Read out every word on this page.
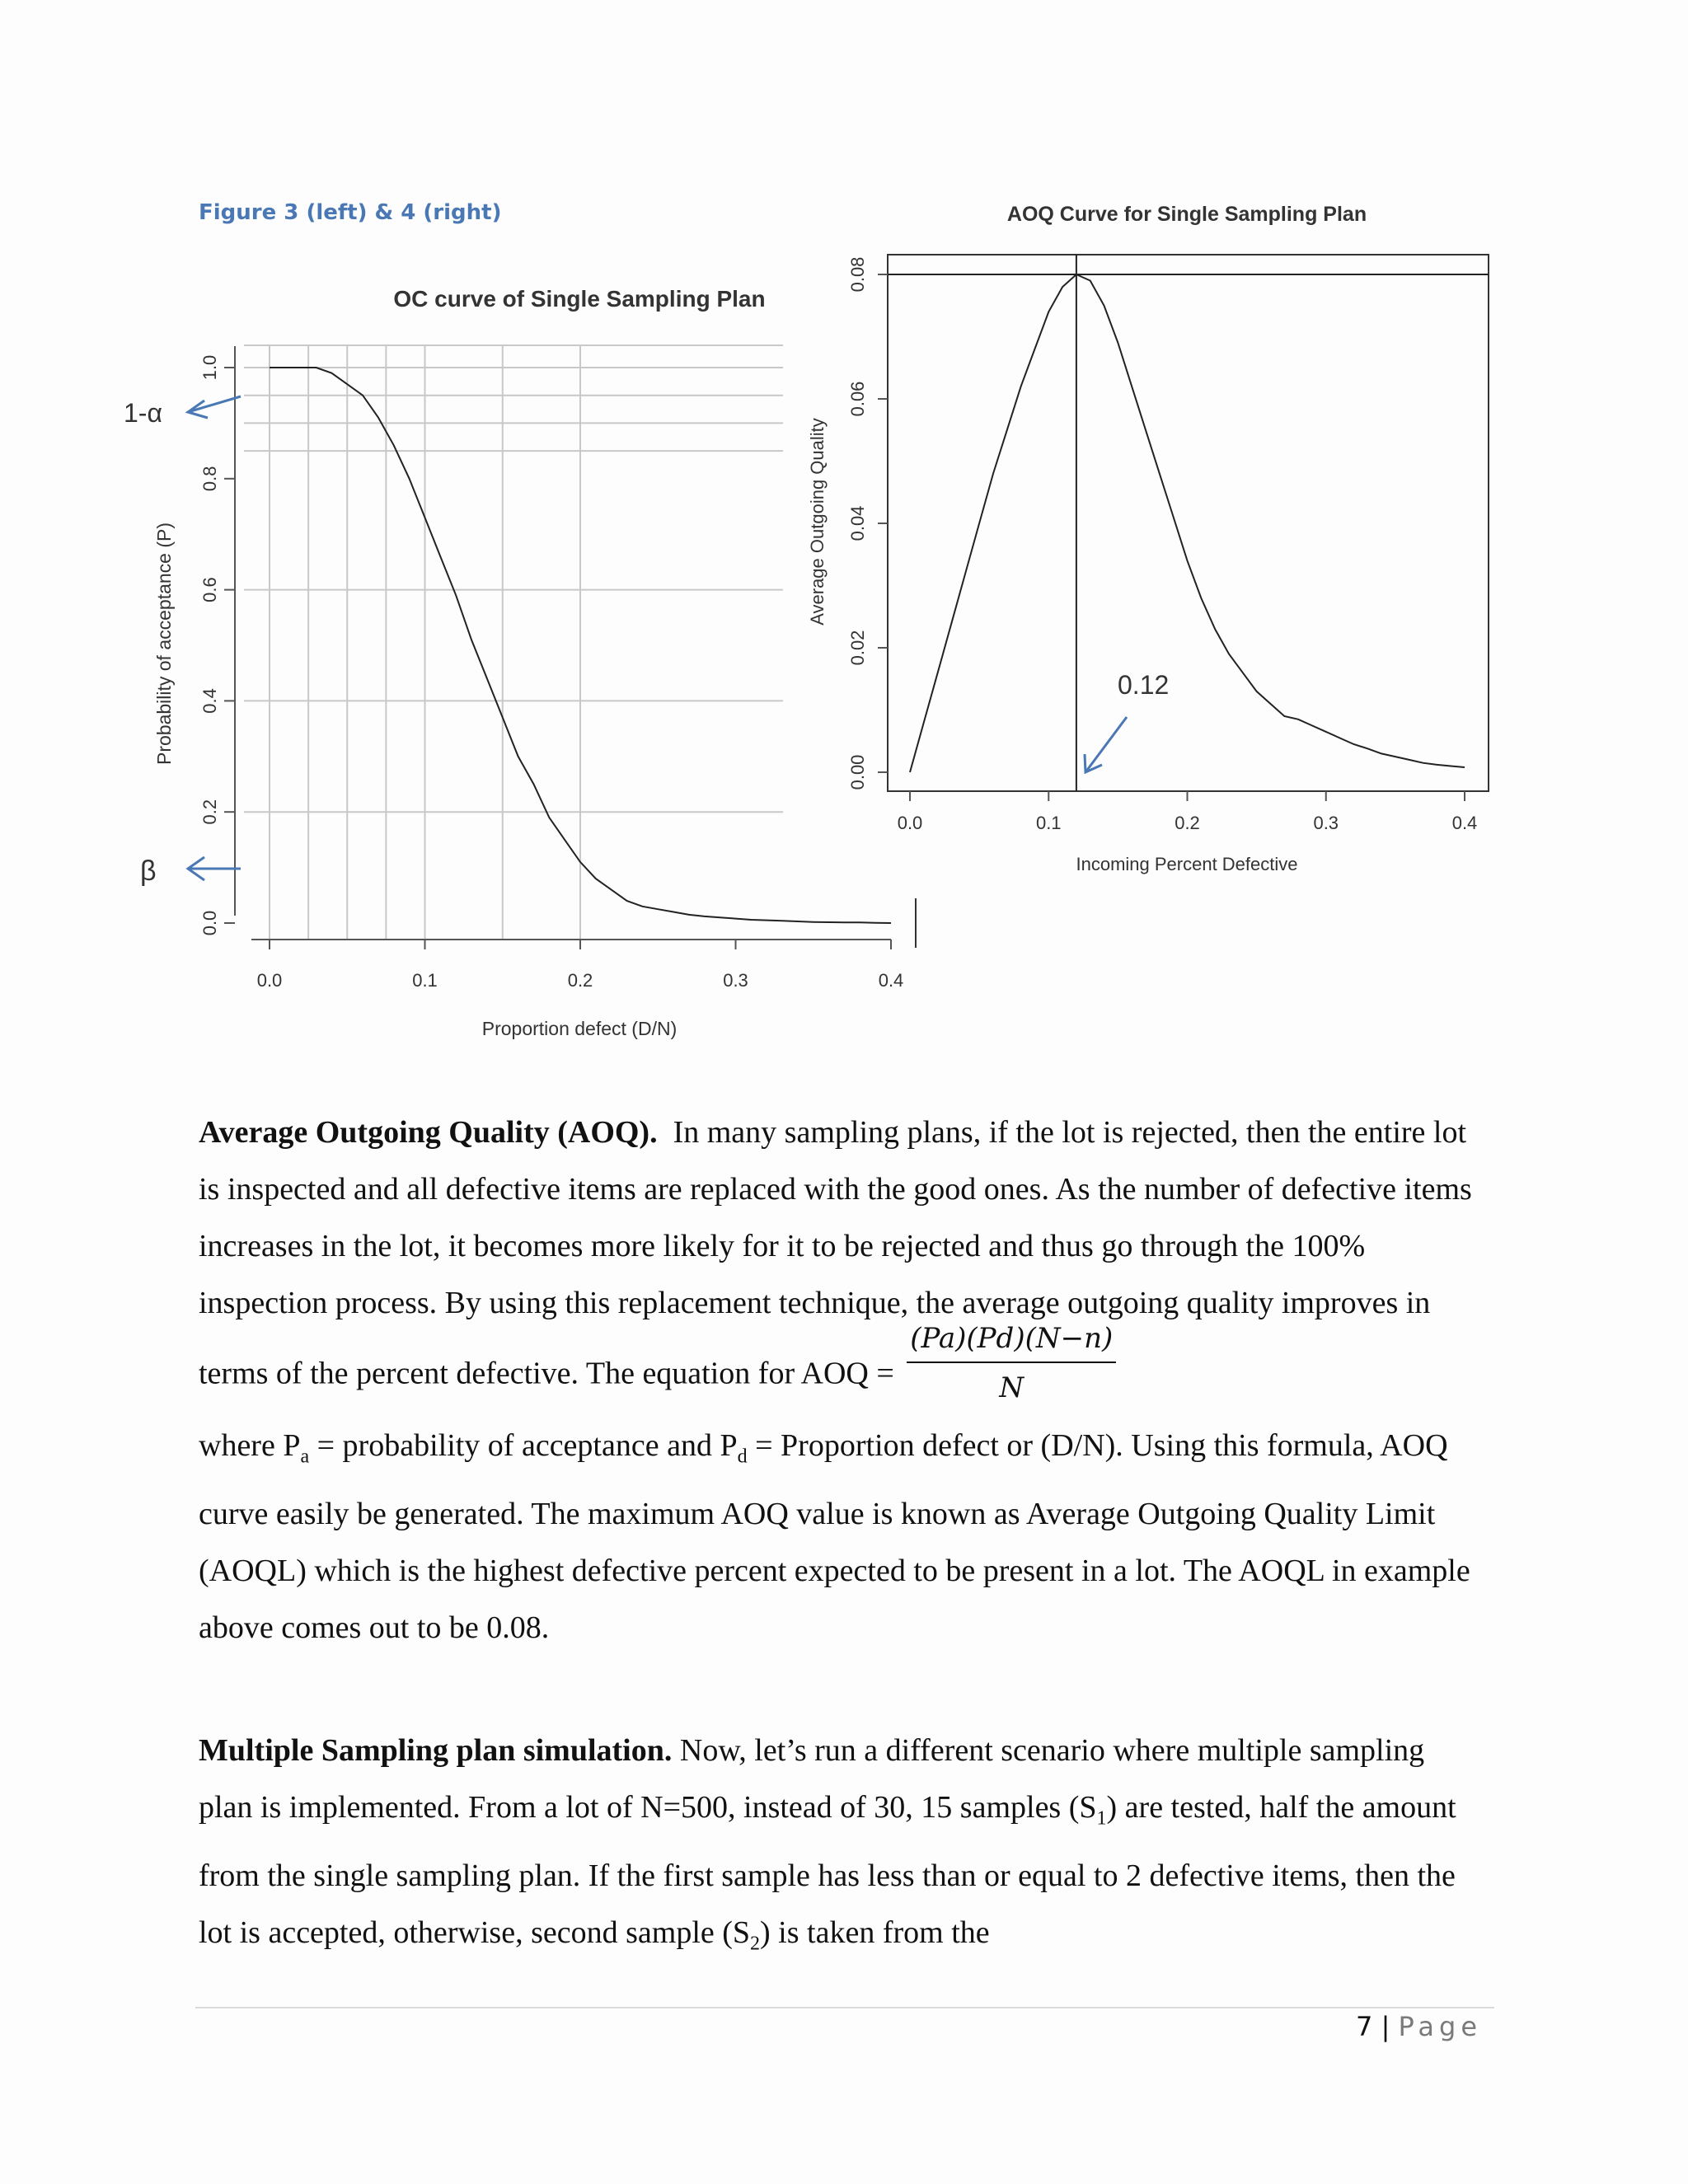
Figure 3 (left) & 4 (right)
OC curve of Single Sampling Plan
0.0
0.2
0.4
0.6
0.8
1.0
0.0	0.1	0.2	0.3	0.4
Proportion defect (D/N)
Probability of acceptance (P)
1-α
β
AOQ Curve for Single Sampling Plan
0.00
0.02
0.04
0.06
0.08
0.0	0.1	0.2	0.3	0.4
Incoming Percent Defective
Average Outgoing Quality
0.12

Average Outgoing Quality (AOQ). In many sampling plans, if the lot is rejected, then the entire lot is inspected and all defective items are replaced with the good ones. As the number of defective items increases in the lot, it becomes more likely for it to be rejected and thus go through the 100% inspection process. By using this replacement technique, the average outgoing quality improves in terms of the percent defective. The equation for AOQ = $\frac{(Pa)(Pd)(N-n)}{N}$

where $P_a$ = probability of acceptance and $P_d$ = Proportion defect or (D/N). Using this formula, AOQ curve easily be generated. The maximum AOQ value is known as Average Outgoing Quality Limit (AOQL) which is the highest defective percent expected to be present in a lot. The AOQL in example above comes out to be 0.08.

Multiple Sampling plan simulation. Now, let’s run a different scenario where multiple sampling plan is implemented. From a lot of N=500, instead of 30, 15 samples $(S_1)$ are tested, half the amount from the single sampling plan. If the first sample has less than or equal to 2 defective items, then the lot is accepted, otherwise, second sample $(S_2)$ is taken from the

7 | Page
